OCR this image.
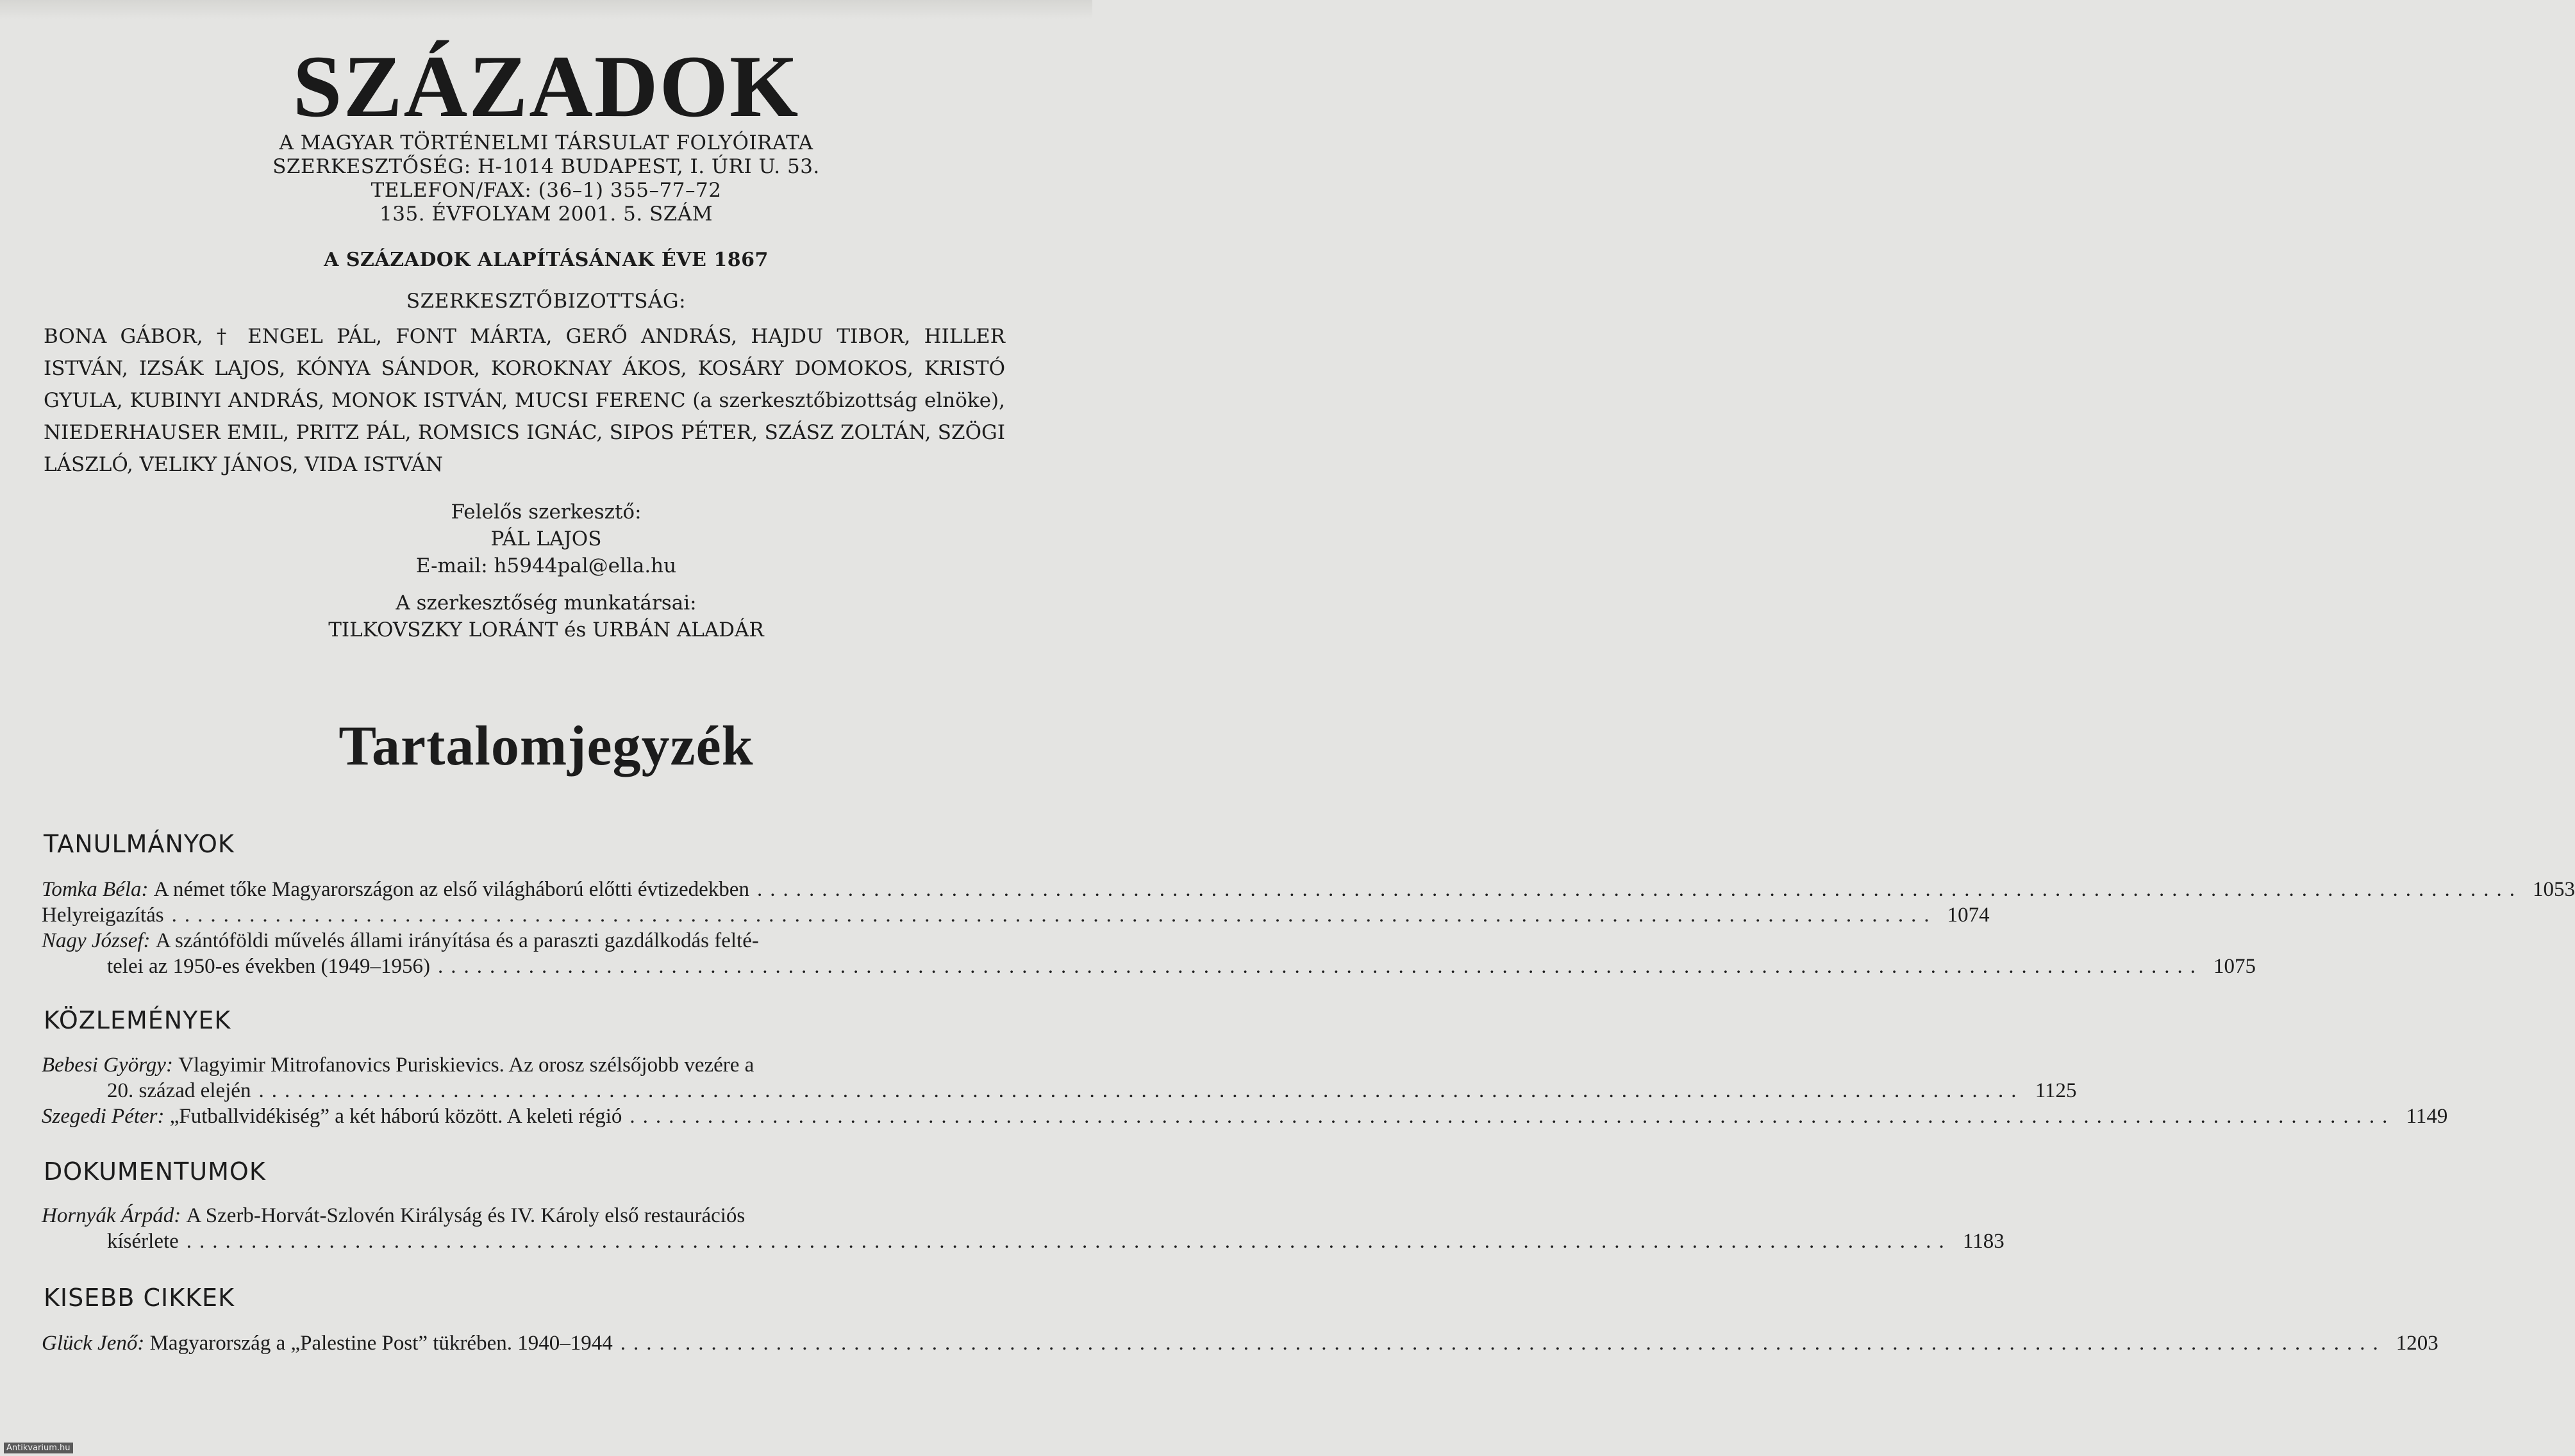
SZÁZADOK
A MAGYAR TÖRTÉNELMI TÁRSULAT FOLYÓIRATA
SZERKESZTŐSÉG: H-1014 BUDAPEST, I. ÚRI U. 53.
TELEFON/FAX: (36–1) 355–77–72
135. ÉVFOLYAM 2001. 5. SZÁM
A SZÁZADOK ALAPÍTÁSÁNAK ÉVE 1867
SZERKESZTŐBIZOTTSÁG:
BONA GÁBOR, † ENGEL PÁL, FONT MÁRTA, GERŐ ANDRÁS, HAJDU TIBOR, HILLER ISTVÁN, IZSÁK LAJOS, KÓNYA SÁNDOR, KOROKNAY ÁKOS, KOSÁRY DOMOKOS, KRISTÓ GYULA, KUBINYI ANDRÁS, MONOK ISTVÁN, MUCSI FERENC (a szerkesztőbizottság elnöke), NIEDERHAUSER EMIL, PRITZ PÁL, ROMSICS IGNÁC, SIPOS PÉTER, SZÁSZ ZOLTÁN, SZÖGI LÁSZLÓ, VELIKY JÁNOS, VIDA ISTVÁN
Felelős szerkesztő:
PÁL LAJOS
E-mail: h5944pal@ella.hu
A szerkesztőség munkatársai:
TILKOVSZKY LORÁNT és URBÁN ALADÁR
Tartalomjegyzék
TANULMÁNYOK
Tomka Béla:
A német tőke Magyarországon az első világháború előtti évtizedekben ........................................................................................................................................ 1053
Helyreigazítás ........................................................................................................................................ 1074
Nagy József:
A szántóföldi művelés állami irányítása és a paraszti gazdálkodás felté-
telei az 1950-es években (1949–1956) ........................................................................................................................................ 1075
KÖZLEMÉNYEK
Bebesi György:
Vlagyimir Mitrofanovics Puriskievics. Az orosz szélsőjobb vezére a
20. század elején ........................................................................................................................................ 1125
Szegedi Péter:
„Futballvidékiség” a két háború között. A keleti régió ........................................................................................................................................ 1149
DOKUMENTUMOK
Hornyák Árpád:
A Szerb-Horvát-Szlovén Királyság és IV. Károly első restaurációs
kísérlete ........................................................................................................................................ 1183
KISEBB CIKKEK
Glück Jenő:
Magyarország a „Palestine Post” tükrében. 1940–1944 ........................................................................................................................................ 1203
Antikvarium.hu
